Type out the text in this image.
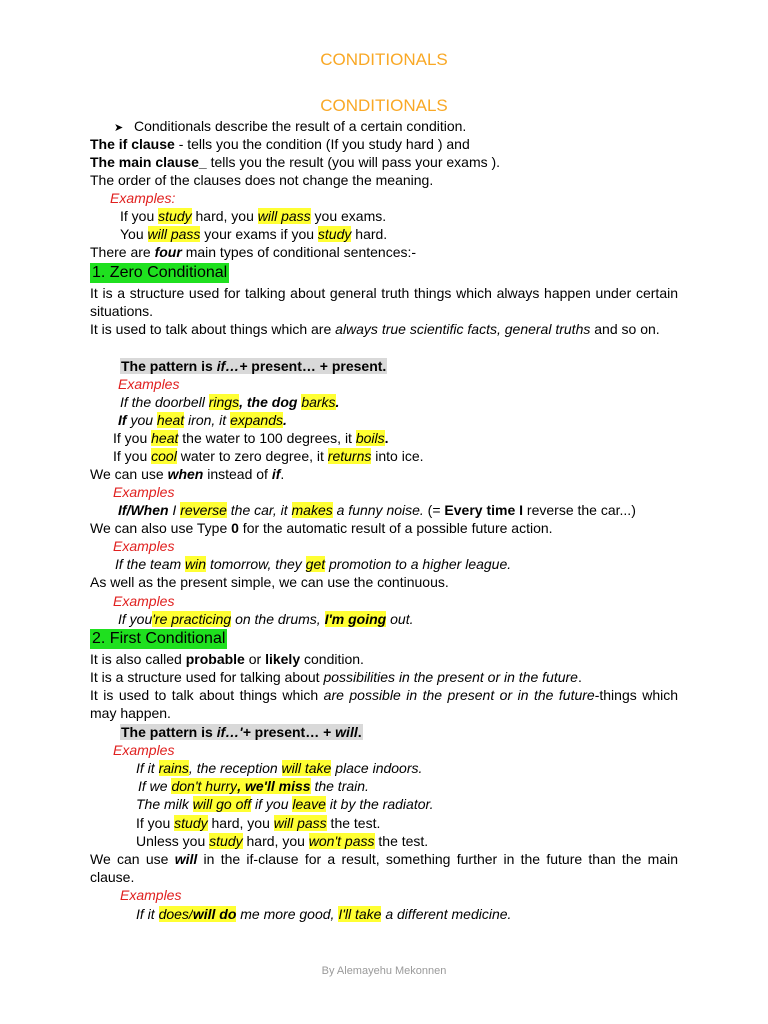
CONDITIONALS
CONDITIONALS
➤ Conditionals describe the result of a certain condition.
The if clause - tells you the condition (If you study hard ) and
The main clause_ tells you the result (you will pass your exams ).
The order of the clauses does not change the meaning.
Examples:
If you study hard, you will pass you exams.
You will pass your exams if you study hard.
There are four main types of conditional sentences:-
1. Zero Conditional
It is a structure used for talking about general truth things which always happen under certain situations.
It is used to talk about things which are always true scientific facts, general truths and so on.
The pattern is if…+ present… + present.
Examples
If the doorbell rings, the dog barks.
If you heat iron, it expands.
If you heat the water to 100 degrees, it boils.
If you cool water to zero degree, it returns into ice.
We can use when instead of if.
Examples
If/When I reverse the car, it makes a funny noise. (= Every time I reverse the car...)
We can also use Type 0 for the automatic result of a possible future action.
Examples
If the team win tomorrow, they get promotion to a higher league.
As well as the present simple, we can use the continuous.
Examples
If you're practicing on the drums, I'm going out.
2. First Conditional
It is also called probable or likely condition.
It is a structure used for talking about possibilities in the present or in the future.
It is used to talk about things which are possible in the present or in the future-things which may happen.
The pattern is if…'+ present… + will.
Examples
If it rains, the reception will take place indoors.
If we don't hurry, we'll miss the train.
The milk will go off if you leave it by the radiator.
If you study hard, you will pass the test.
Unless you study hard, you won't pass the test.
We can use will in the if-clause for a result, something further in the future than the main clause.
Examples
If it does/will do me more good, I'll take a different medicine.
By Alemayehu Mekonnen
